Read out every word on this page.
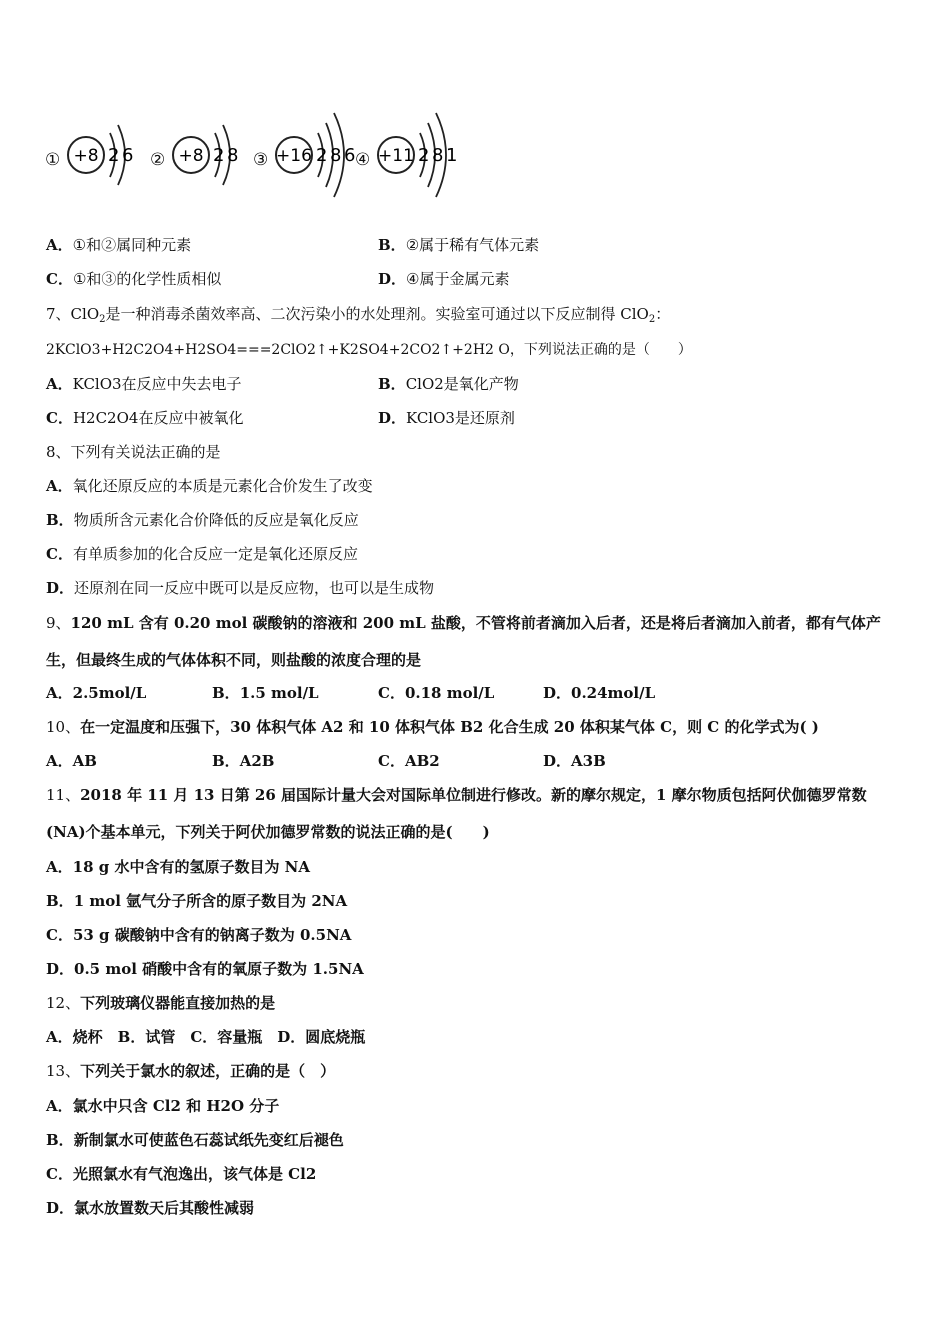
① +8 2 6 ② +8 2 8 ③ +16 2 8 6 ④ +11 2 8 1
A．①和②属同种元素	B．②属于稀有气体元素
C．①和③的化学性质相似	D．④属于金属元素
7、ClO$_2$是一种消毒杀菌效率高、二次污染小的水处理剂。实验室可通过以下反应制得 ClO$_2$：
2KClO3+H2C2O4+H2SO4===2ClO2↑+K2SO4+2CO2↑+2H2 O，下列说法正确的是（　　）
A．KClO3在反应中失去电子	B．ClO2是氧化产物
C．H2C2O4在反应中被氧化	D．KClO3是还原剂
8、下列有关说法正确的是
A．氧化还原反应的本质是元素化合价发生了改变
B．物质所含元素化合价降低的反应是氧化反应
C．有单质参加的化合反应一定是氧化还原反应
D．还原剂在同一反应中既可以是反应物，也可以是生成物
9、120 mL 含有 0.20 mol 碳酸钠的溶液和 200 mL 盐酸，不管将前者滴加入后者，还是将后者滴加入前者，都有气体产
生，但最终生成的气体体积不同，则盐酸的浓度合理的是
A．2.5mol/L	B．1.5 mol/L	C．0.18 mol/L	D．0.24mol/L
10、在一定温度和压强下，30 体积气体 A2 和 10 体积气体 B2 化合生成 20 体积某气体 C，则 C 的化学式为( )
A．AB	B．A2B	C．AB2	D．A3B
11、2018 年 11 月 13 日第 26 届国际计量大会对国际单位制进行修改。新的摩尔规定，1 摩尔物质包括阿伏伽德罗常数
(NA)个基本单元，下列关于阿伏加德罗常数的说法正确的是(　　)
A．18 g 水中含有的氢原子数目为 NA
B．1 mol 氩气分子所含的原子数目为 2NA
C．53 g 碳酸钠中含有的钠离子数为 0.5NA
D．0.5 mol 硝酸中含有的氧原子数为 1.5NA
12、下列玻璃仪器能直接加热的是
A．烧杯　B．试管　C．容量瓶　D．圆底烧瓶
13、下列关于氯水的叙述，正确的是（　）
A．氯水中只含 Cl2 和 H2O 分子
B．新制氯水可使蓝色石蕊试纸先变红后褪色
C．光照氯水有气泡逸出，该气体是 Cl2
D．氯水放置数天后其酸性减弱
